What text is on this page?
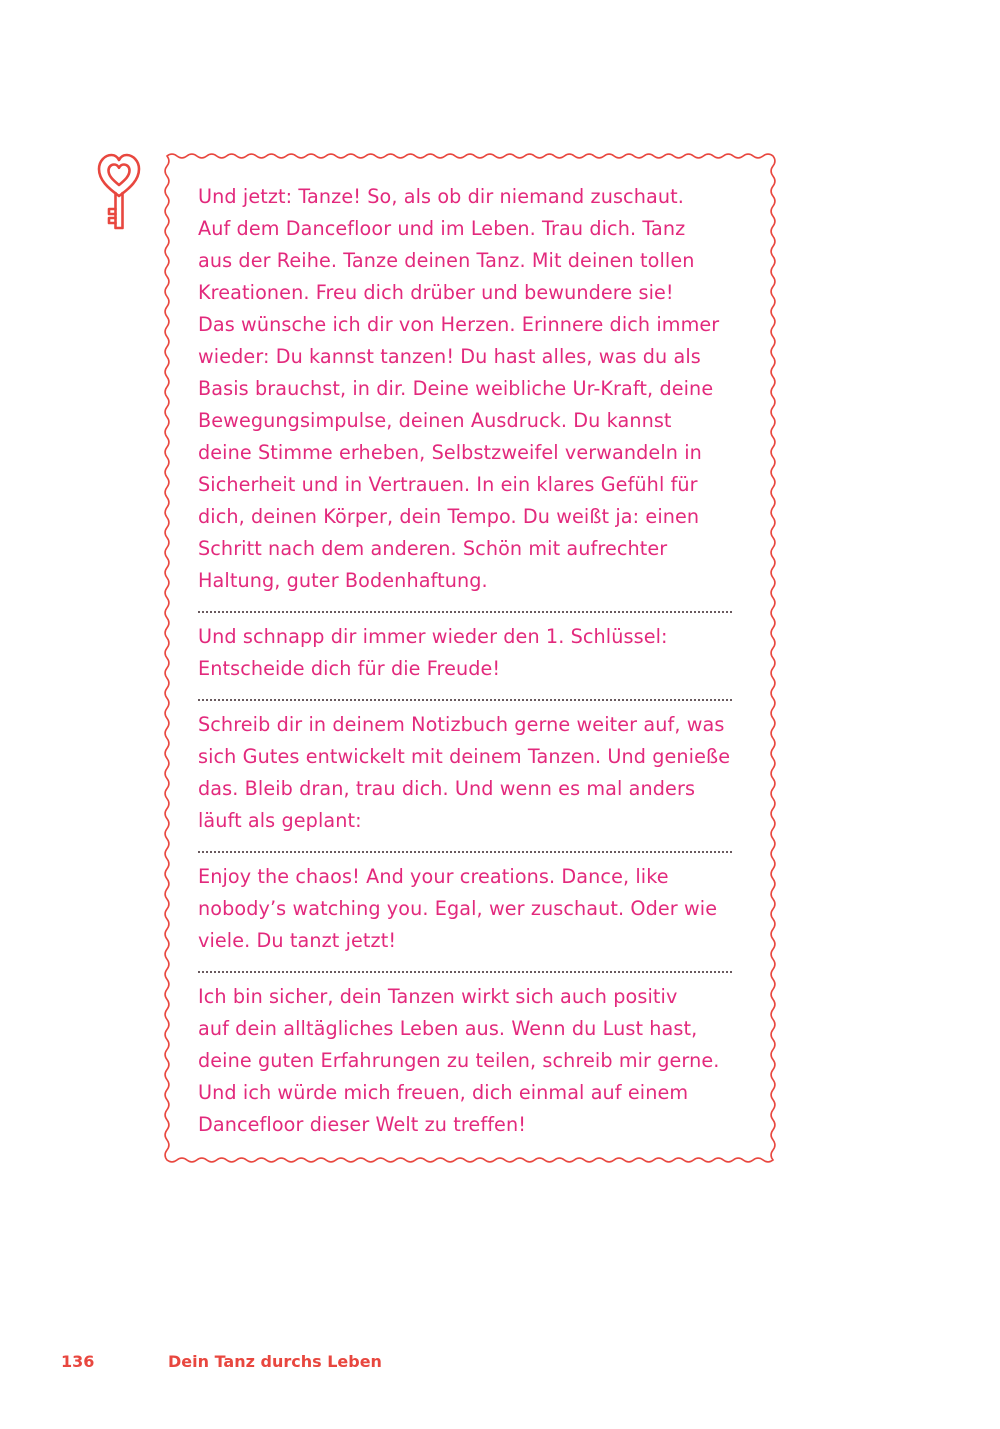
Und jetzt: Tanze! So, als ob dir niemand zuschaut.
Auf dem Dancefloor und im Leben. Trau dich. Tanz
aus der Reihe. Tanze deinen Tanz. Mit deinen tollen
Kreationen. Freu dich drüber und bewundere sie!
Das wünsche ich dir von Herzen. Erinnere dich immer
wieder: Du kannst tanzen! Du hast alles, was du als
Basis brauchst, in dir. Deine weibliche Ur-Kraft, deine
Bewegungsimpulse, deinen Ausdruck. Du kannst
deine Stimme erheben, Selbstzweifel verwandeln in
Sicherheit und in Vertrauen. In ein klares Gefühl für
dich, deinen Körper, dein Tempo. Du weißt ja: einen
Schritt nach dem anderen. Schön mit aufrechter
Haltung, guter Bodenhaftung.

Und schnapp dir immer wieder den 1. Schlüssel:
Entscheide dich für die Freude!

Schreib dir in deinem Notizbuch gerne weiter auf, was
sich Gutes entwickelt mit deinem Tanzen. Und genieße
das. Bleib dran, trau dich. Und wenn es mal anders
läuft als geplant:

Enjoy the chaos! And your creations. Dance, like
nobody’s watching you. Egal, wer zuschaut. Oder wie
viele. Du tanzt jetzt!

Ich bin sicher, dein Tanzen wirkt sich auch positiv
auf dein alltägliches Leben aus. Wenn du Lust hast,
deine guten Erfahrungen zu teilen, schreib mir gerne.
Und ich würde mich freuen, dich einmal auf einem
Dancefloor dieser Welt zu treffen!

136	Dein Tanz durchs Leben
